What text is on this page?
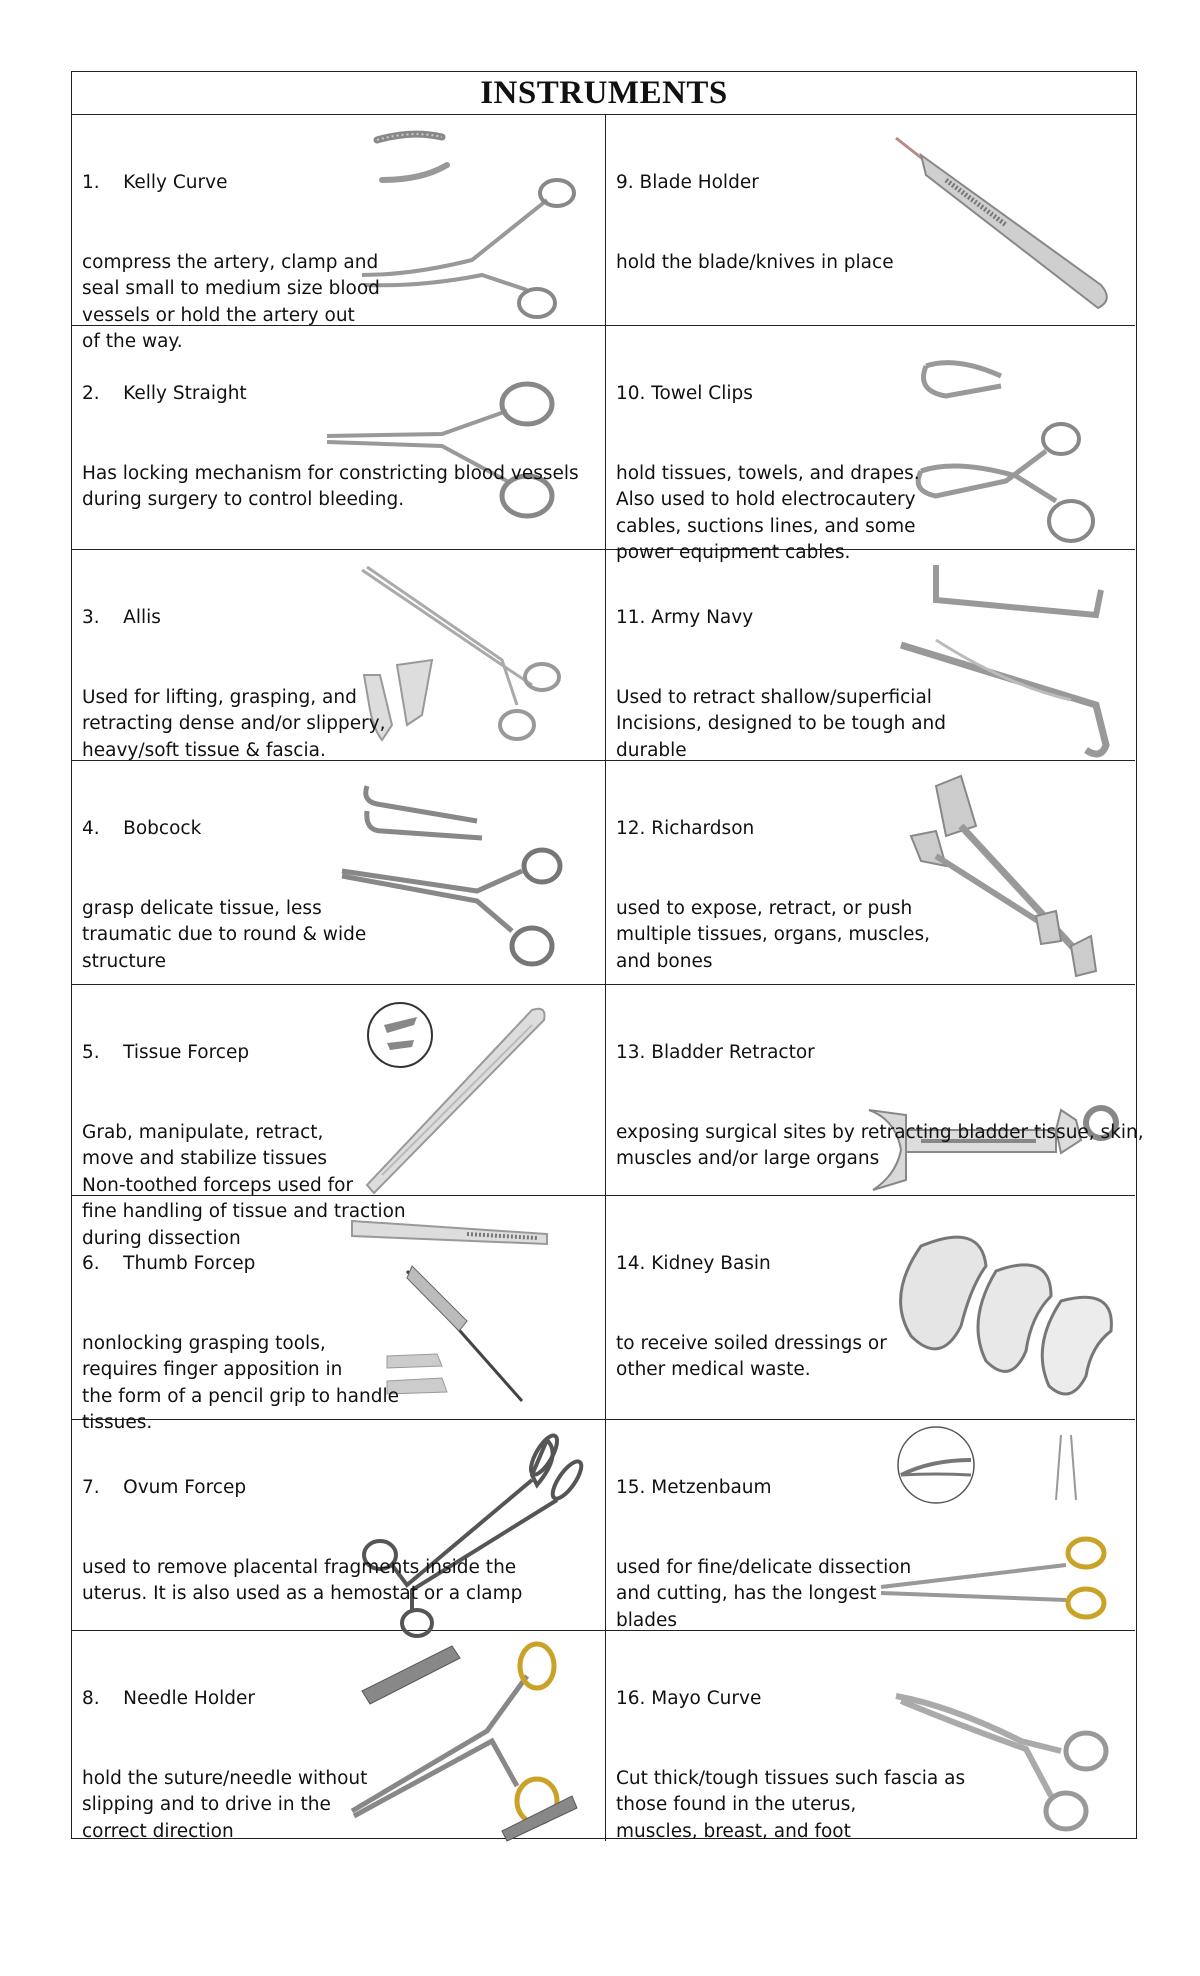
INSTRUMENTS

1.    Kelly Curve

compress the artery, clamp and
seal small to medium size blood
vessels or hold the artery out
of the way.

9. Blade Holder

hold the blade/knives in place

2.    Kelly Straight

Has locking mechanism for constricting blood vessels
during surgery to control bleeding.

10. Towel Clips

hold tissues, towels, and drapes.
Also used to hold electrocautery
cables, suctions lines, and some
power equipment cables.

3.    Allis

Used for lifting, grasping, and
retracting dense and/or slippery,
heavy/soft tissue & fascia.

11. Army Navy

Used to retract shallow/superficial
Incisions, designed to be tough and
durable

4.    Bobcock

grasp delicate tissue, less
traumatic due to round & wide
structure

12. Richardson

used to expose, retract, or push
multiple tissues, organs, muscles,
and bones

5.    Tissue Forcep

Grab, manipulate, retract,
move and stabilize tissues
Non-toothed forceps used for
fine handling of tissue and traction
during dissection

13. Bladder Retractor

exposing surgical sites by retracting bladder tissue, skin,
muscles and/or large organs

6.    Thumb Forcep

nonlocking grasping tools,
requires finger apposition in
the form of a pencil grip to handle
tissues.

14. Kidney Basin

to receive soiled dressings or
other medical waste.

7.    Ovum Forcep

used to remove placental fragments inside the
uterus. It is also used as a hemostat or a clamp

15. Metzenbaum

used for fine/delicate dissection
and cutting, has the longest
blades

8.    Needle Holder

hold the suture/needle without
slipping and to drive in the
correct direction

16. Mayo Curve

Cut thick/tough tissues such fascia as
those found in the uterus,
muscles, breast, and foot
